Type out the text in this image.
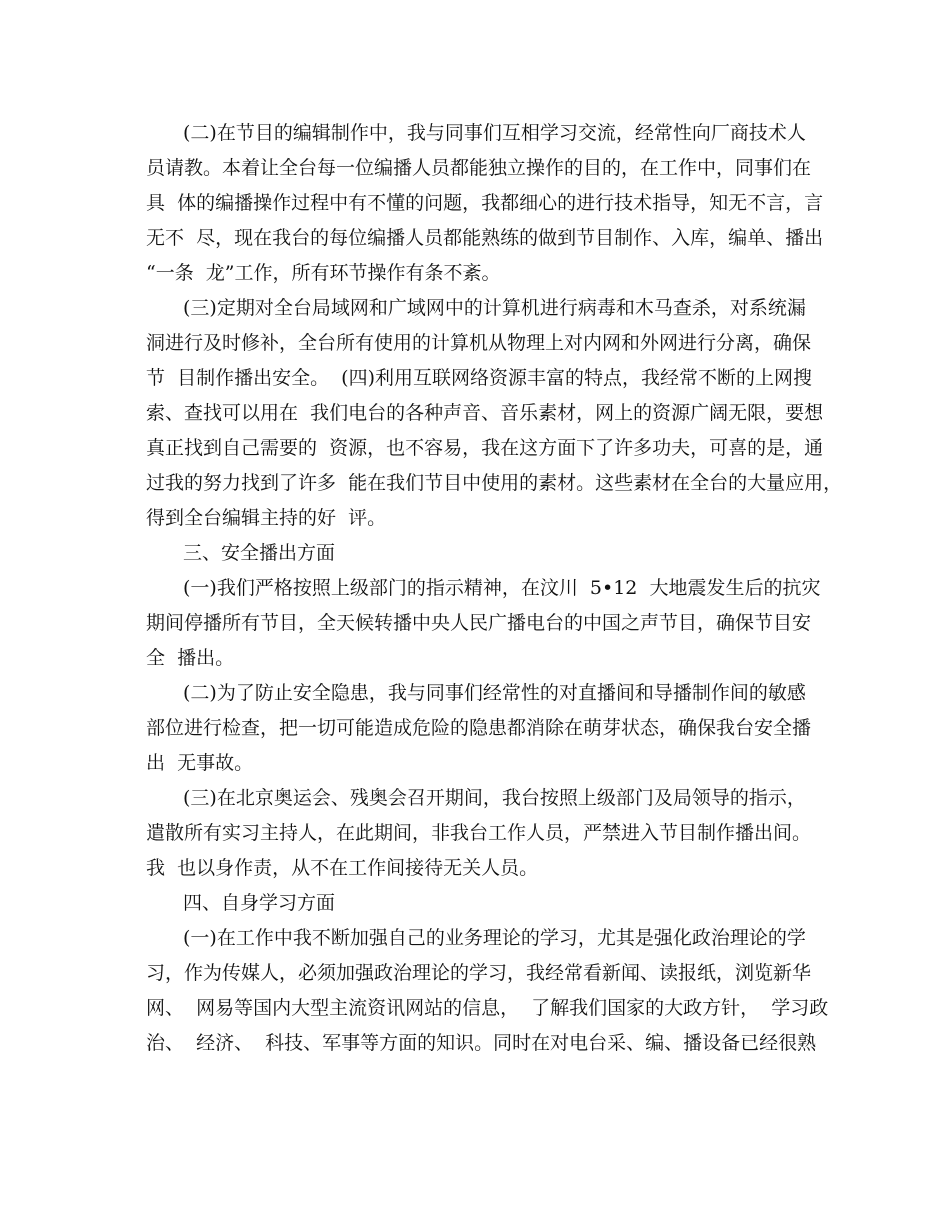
(二)在节目的编辑制作中，我与同事们互相学习交流，经常性向厂商技术人
员请教。本着让全台每一位编播人员都能独立操作的目的，在工作中，同事们在
具  体的编播操作过程中有不懂的问题，我都细心的进行技术指导，知无不言，言
无不  尽，现在我台的每位编播人员都能熟练的做到节目制作、入库，编单、播出
“一条  龙”工作，所有环节操作有条不紊。
(三)定期对全台局域网和广域网中的计算机进行病毒和木马查杀，对系统漏
洞进行及时修补，全台所有使用的计算机从物理上对内网和外网进行分离，确保
节  目制作播出安全。  (四)利用互联网络资源丰富的特点，我经常不断的上网搜
索、查找可以用在  我们电台的各种声音、音乐素材，网上的资源广阔无限，要想
真正找到自己需要的  资源，也不容易，我在这方面下了许多功夫，可喜的是，通
过我的努力找到了许多  能在我们节目中使用的素材。这些素材在全台的大量应用，
得到全台编辑主持的好  评。
三、安全播出方面
(一)我们严格按照上级部门的指示精神，在汶川  5•12  大地震发生后的抗灾
期间停播所有节目，全天候转播中央人民广播电台的中国之声节目，确保节目安
全  播出。
(二)为了防止安全隐患，我与同事们经常性的对直播间和导播制作间的敏感
部位进行检查，把一切可能造成危险的隐患都消除在萌芽状态，确保我台安全播
出  无事故。
(三)在北京奥运会、残奥会召开期间，我台按照上级部门及局领导的指示，
遣散所有实习主持人，在此期间，非我台工作人员，严禁进入节目制作播出间。
我  也以身作责，从不在工作间接待无关人员。
四、自身学习方面
(一)在工作中我不断加强自己的业务理论的学习，尤其是强化政治理论的学
习，作为传媒人，必须加强政治理论的学习，我经常看新闻、读报纸，浏览新华
网、  网易等国内大型主流资讯网站的信息，  了解我们国家的大政方针，  学习政
治、  经济、  科技、军事等方面的知识。同时在对电台采、编、播设备已经很熟
